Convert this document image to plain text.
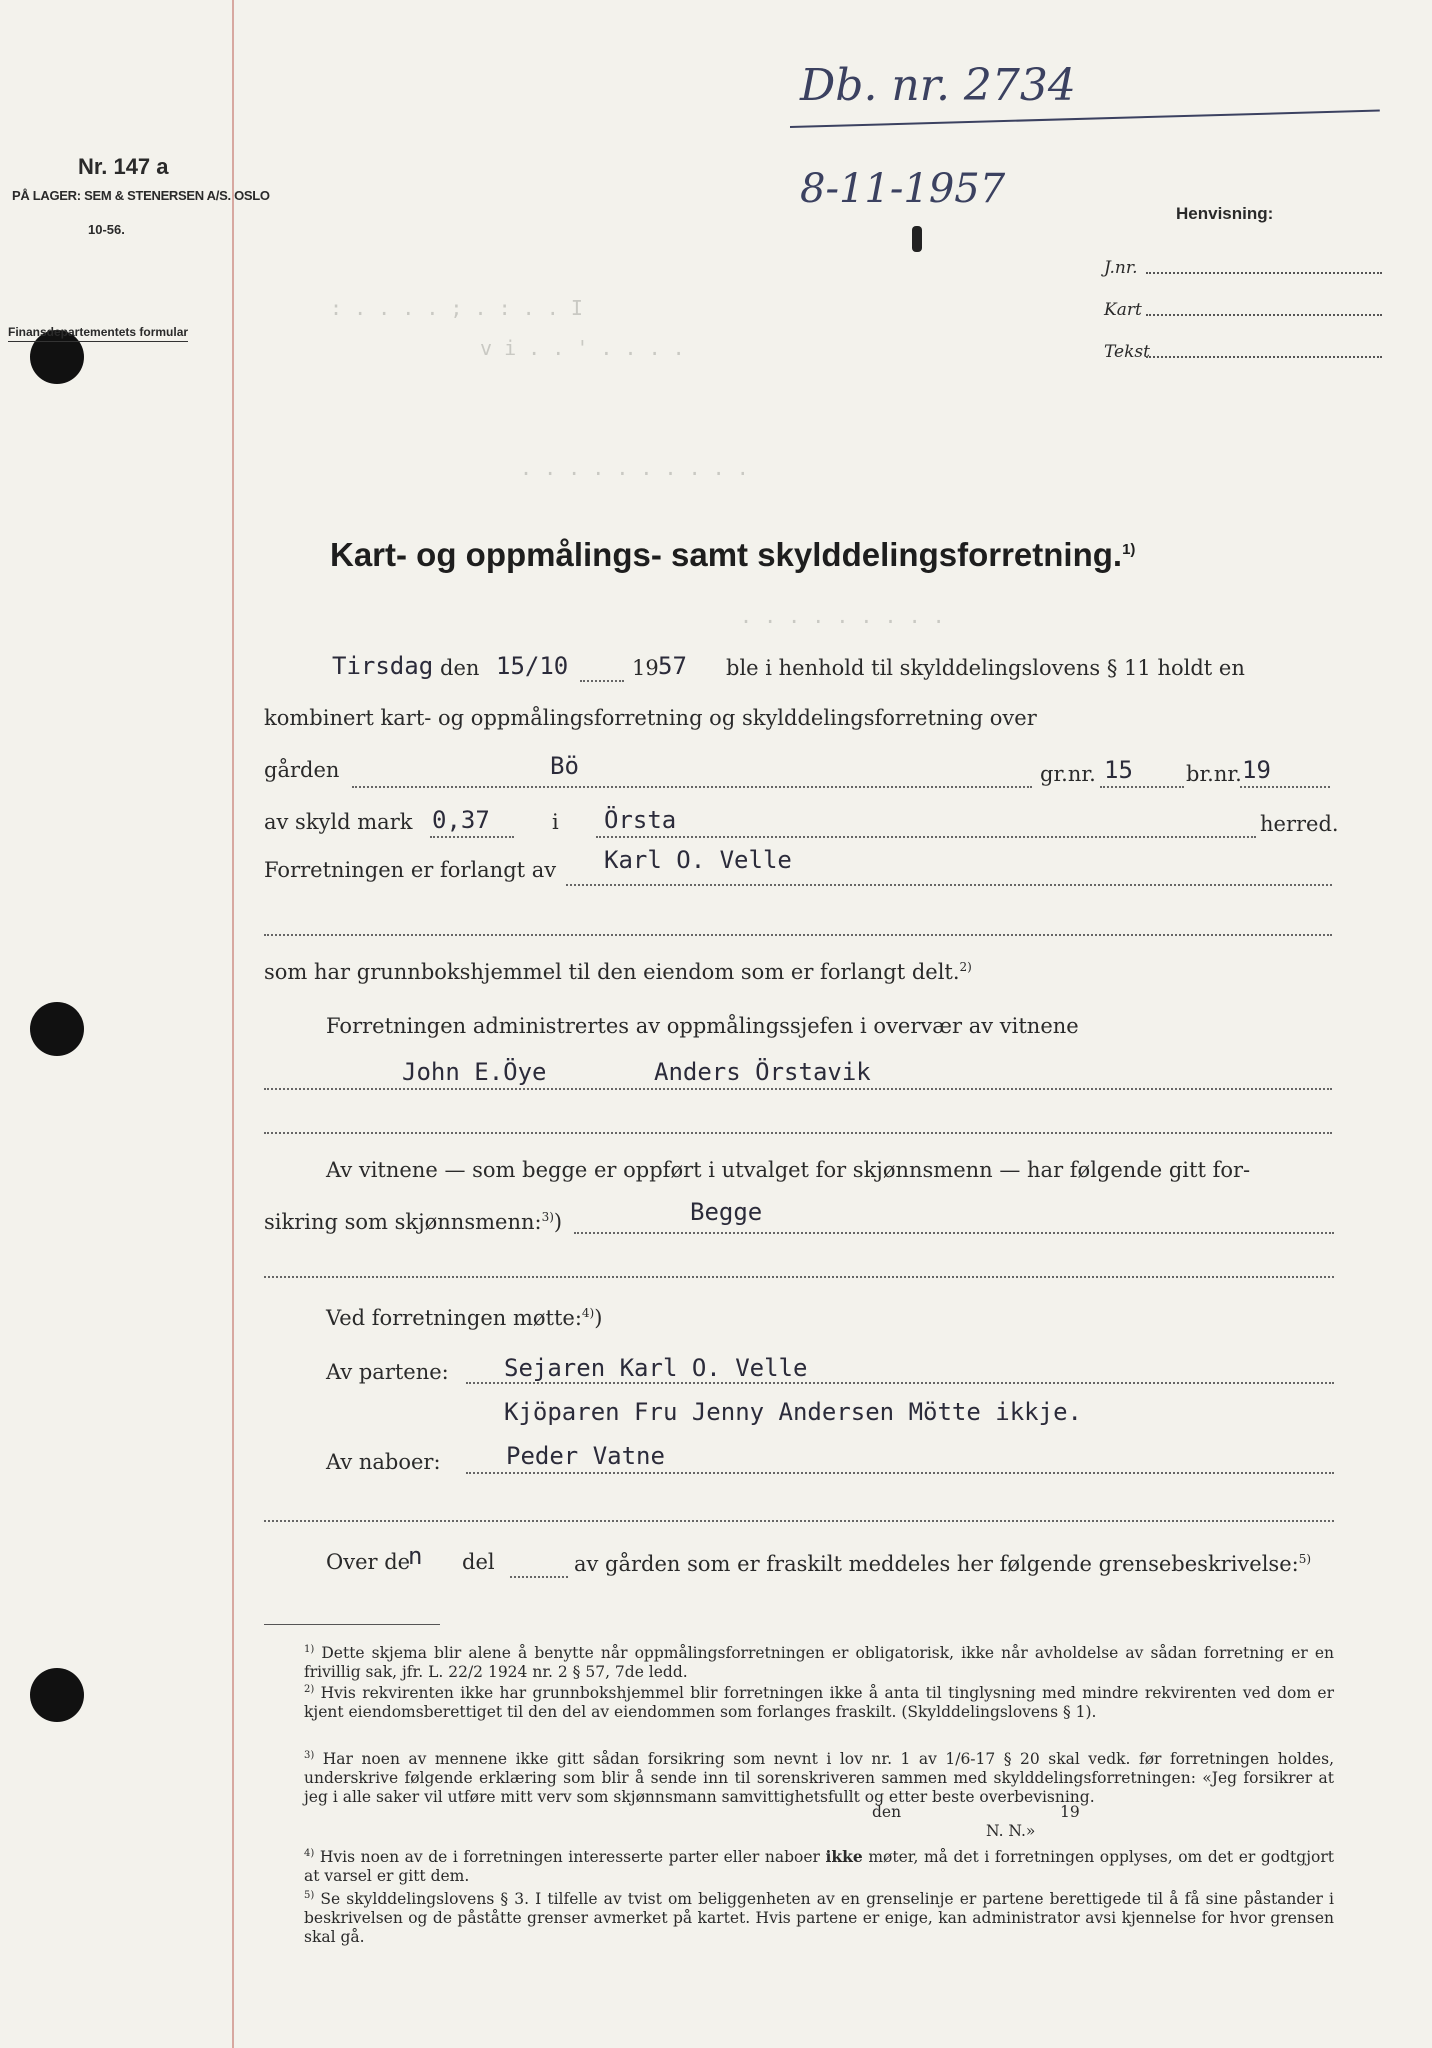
Nr. 147 a
PÅ LAGER: SEM & STENERSEN A/S. OSLO
10-56.
Finansdepartementets formular
: . . . . ; . : . . I
v i . . ' . . . .
. . . . . . . . . .
. . . . . . . . .
Db. nr. 2734
8-11-1957
Henvisning:
J.nr.
Kart
Tekst
Kart- og oppmålings- samt skylddelingsforretning.$^{1)}$
Tirsdag den 15/10	19 57 ble i henhold til skylddelingslovens § 11 holdt en
kombinert kart- og oppmålingsforretning og skylddelingsforretning over
gården	Bö	gr.nr. 15	br.nr. 19
av skyld mark 0,37	i Örsta	herred.
Forretningen er forlangt av Karl O. Velle
som har grunnbokshjemmel til den eiendom som er forlangt delt.$^{2)}$
Forretningen administrertes av oppmålingssjefen i overvær av vitnene
John E.Öye	Anders Örstavik
Av vitnene — som begge er oppført i utvalget for skjønnsmenn — har følgende gitt for-
sikring som skjønnsmenn:$^{3)}$)	Begge
Ved forretningen møtte:$^{4)}$)
Av partene: Sejaren Karl O. Velle
Kjöparen Fru Jenny Andersen Mötte ikkje.
Av naboer:	Peder Vatne
Over de
n del	av gården som er fraskilt meddeles her følgende grensebeskrivelse:$^{5)}$
$^{1)}$ Dette skjema blir alene å benytte når oppmålingsforretningen er obligatorisk, ikke når avholdelse av sådan forretning er en frivillig sak, jfr. L. 22/2 1924 nr. 2 § 57, 7de ledd.
$^{2)}$ Hvis rekvirenten ikke har grunnbokshjemmel blir forretningen ikke å anta til tinglysning med mindre rekvirenten ved dom er kjent eiendomsberettiget til den del av eiendommen som forlanges fraskilt. (Skylddelingslovens § 1).
$^{3)}$ Har noen av mennene ikke gitt sådan forsikring som nevnt i lov nr. 1 av 1/6-17 § 20 skal vedk. før forretningen holdes, underskrive følgende erklæring som blir å sende inn til sorenskriveren sammen med skylddelingsforretningen: «Jeg forsikrer at jeg i alle saker vil utføre mitt verv som skjønnsmann samvittighetsfullt og etter beste overbevisning.
den	19
N. N.»
$^{4)}$ Hvis noen av de i forretningen interesserte parter eller naboer ikke møter, må det i forretningen opplyses, om det er godtgjort at varsel er gitt dem.
$^{5)}$ Se skylddelingslovens § 3. I tilfelle av tvist om beliggenheten av en grenselinje er partene berettigede til å få sine påstander i beskrivelsen og de påståtte grenser avmerket på kartet. Hvis partene er enige, kan administrator avsi kjennelse for hvor grensen skal gå.
